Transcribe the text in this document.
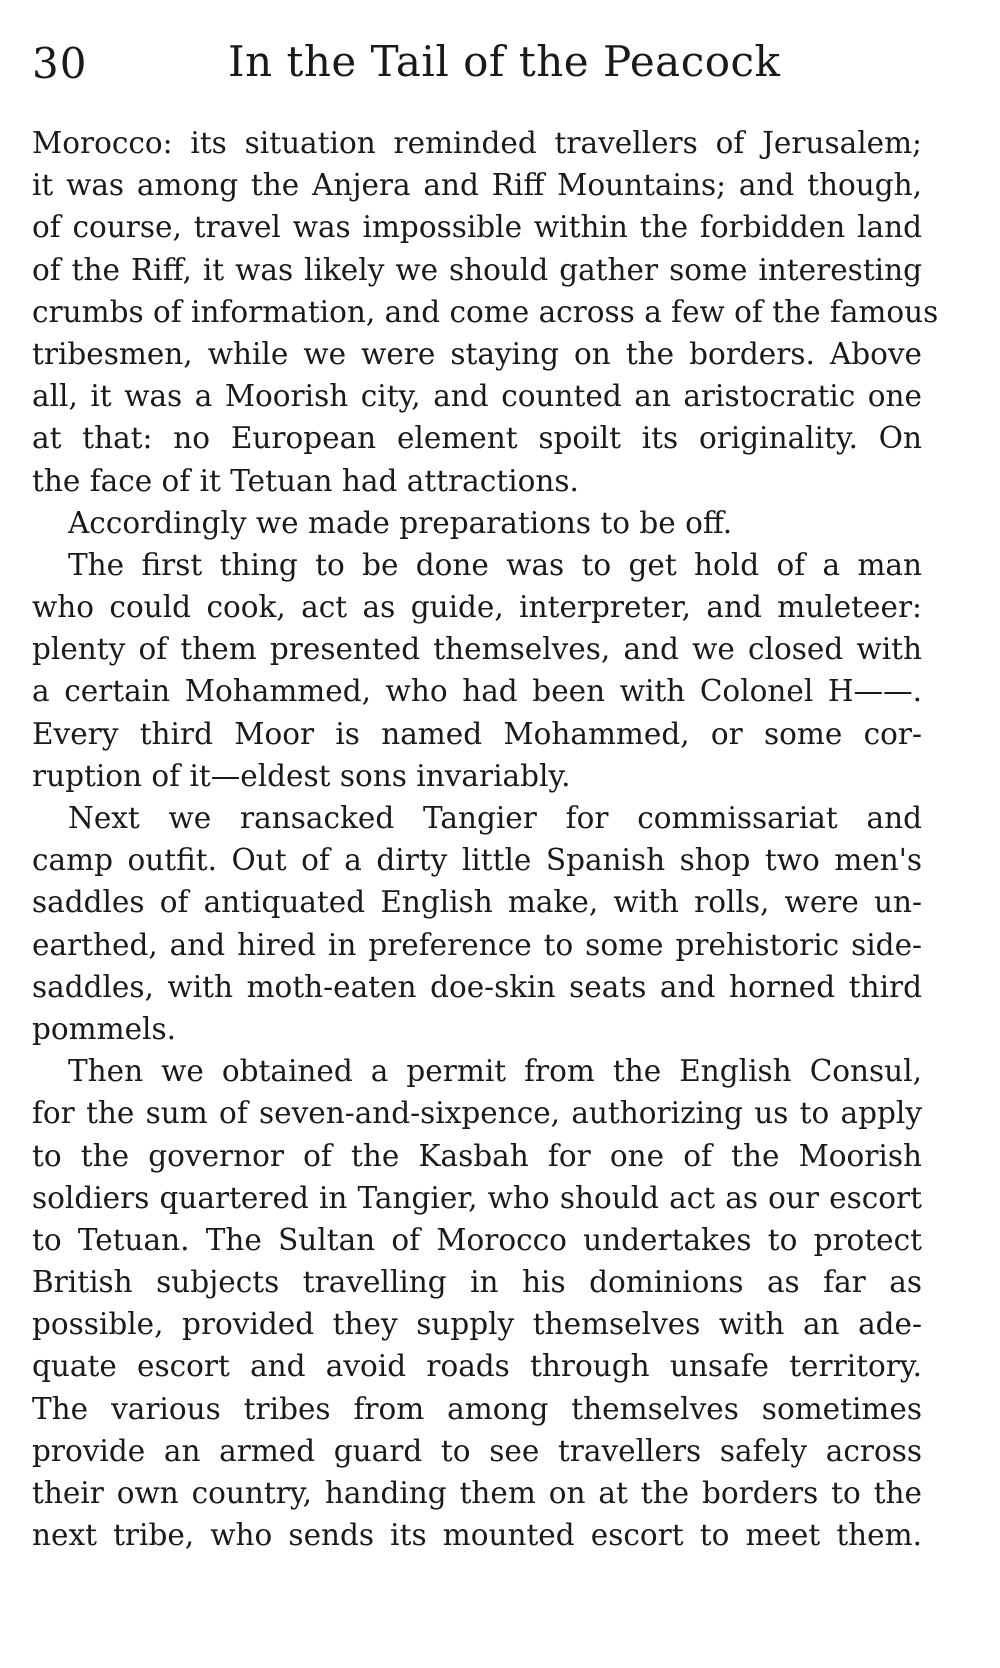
30	In the Tail of the Peacock
Morocco: its situation reminded travellers of Jerusalem;
it was among the Anjera and Riff Mountains; and though,
of course, travel was impossible within the forbidden land
of the Riff, it was likely we should gather some interesting
crumbs of information, and come across a few of the famous
tribesmen, while we were staying on the borders. Above
all, it was a Moorish city, and counted an aristocratic one
at that: no European element spoilt its originality. On
the face of it Tetuan had attractions.
Accordingly we made preparations to be off.
The first thing to be done was to get hold of a man
who could cook, act as guide, interpreter, and muleteer:
plenty of them presented themselves, and we closed with
a certain Mohammed, who had been with Colonel H——.
Every third Moor is named Mohammed, or some cor-
ruption of it—eldest sons invariably.
Next we ransacked Tangier for commissariat and
camp outfit. Out of a dirty little Spanish shop two men's
saddles of antiquated English make, with rolls, were un-
earthed, and hired in preference to some prehistoric side-
saddles, with moth-eaten doe-skin seats and horned third
pommels.
Then we obtained a permit from the English Consul,
for the sum of seven-and-sixpence, authorizing us to apply
to the governor of the Kasbah for one of the Moorish
soldiers quartered in Tangier, who should act as our escort
to Tetuan. The Sultan of Morocco undertakes to protect
British subjects travelling in his dominions as far as
possible, provided they supply themselves with an ade-
quate escort and avoid roads through unsafe territory.
The various tribes from among themselves sometimes
provide an armed guard to see travellers safely across
their own country, handing them on at the borders to the
next tribe, who sends its mounted escort to meet them.
